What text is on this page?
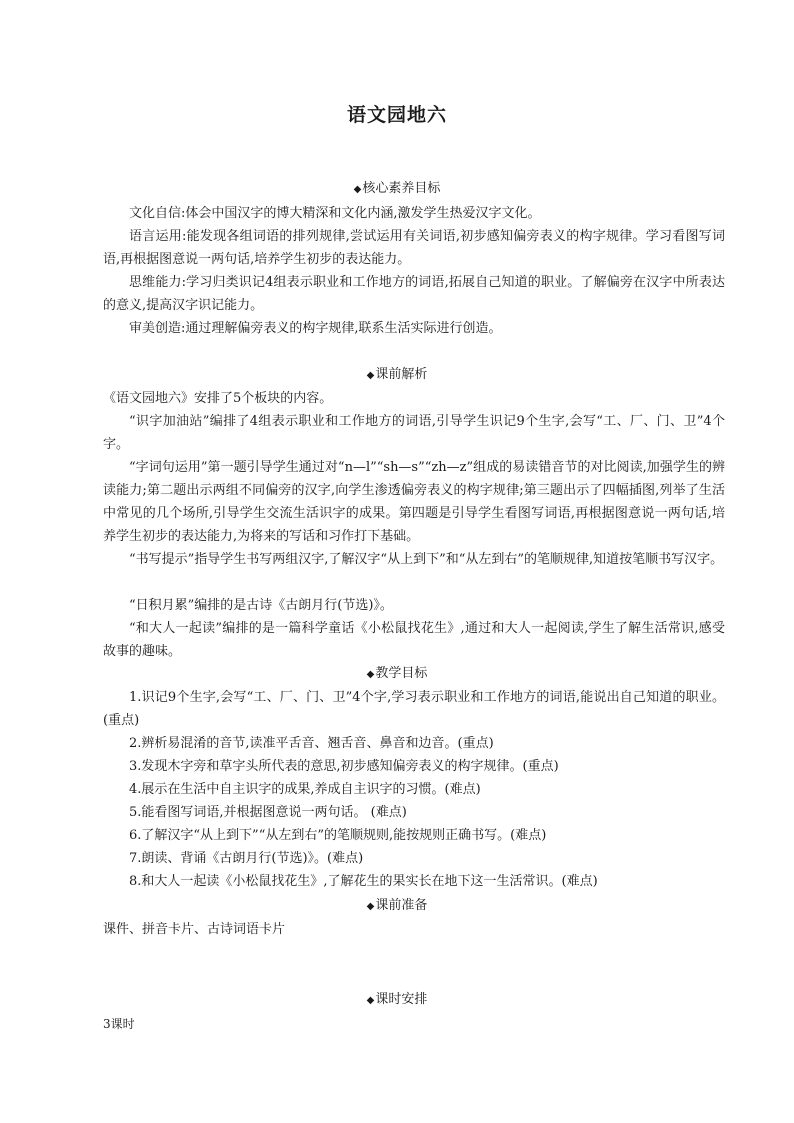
语文园地六
◆核心素养目标
文化自信:体会中国汉字的博大精深和文化内涵,激发学生热爱汉字文化。
语言运用:能发现各组词语的排列规律,尝试运用有关词语,初步感知偏旁表义的构字规律。学习看图写词语,再根据图意说一两句话,培养学生初步的表达能力。
思维能力:学习归类识记4组表示职业和工作地方的词语,拓展自己知道的职业。了解偏旁在汉字中所表达的意义,提高汉字识记能力。
审美创造:通过理解偏旁表义的构字规律,联系生活实际进行创造。
◆课前解析
《语文园地六》安排了5个板块的内容。
“识字加油站”编排了4组表示职业和工作地方的词语,引导学生识记9个生字,会写“工、厂、门、卫”4个字。
“字词句运用”第一题引导学生通过对“n—l”“sh—s”“zh—z”组成的易读错音节的对比阅读,加强学生的辨读能力;第二题出示两组不同偏旁的汉字,向学生渗透偏旁表义的构字规律;第三题出示了四幅插图,列举了生活中常见的几个场所,引导学生交流生活识字的成果。第四题是引导学生看图写词语,再根据图意说一两句话,培养学生初步的表达能力,为将来的写话和习作打下基础。
“书写提示”指导学生书写两组汉字,了解汉字“从上到下”和“从左到右”的笔顺规律,知道按笔顺书写汉字。
“日积月累”编排的是古诗《古朗月行(节选)》。
“和大人一起读”编排的是一篇科学童话《小松鼠找花生》,通过和大人一起阅读,学生了解生活常识,感受故事的趣味。
◆教学目标
1.识记9个生字,会写“工、厂、门、卫”4个字,学习表示职业和工作地方的词语,能说出自己知道的职业。(重点)
2.辨析易混淆的音节,读准平舌音、翘舌音、鼻音和边音。(重点)
3.发现木字旁和草字头所代表的意思,初步感知偏旁表义的构字规律。(重点)
4.展示在生活中自主识字的成果,养成自主识字的习惯。(难点)
5.能看图写词语,并根据图意说一两句话。 (难点)
6.了解汉字“从上到下”“从左到右”的笔顺规则,能按规则正确书写。(难点)
7.朗读、背诵《古朗月行(节选)》。(难点)
8.和大人一起读《小松鼠找花生》,了解花生的果实长在地下这一生活常识。(难点)
◆课前准备
课件、拼音卡片、古诗词语卡片
◆课时安排
3课时
